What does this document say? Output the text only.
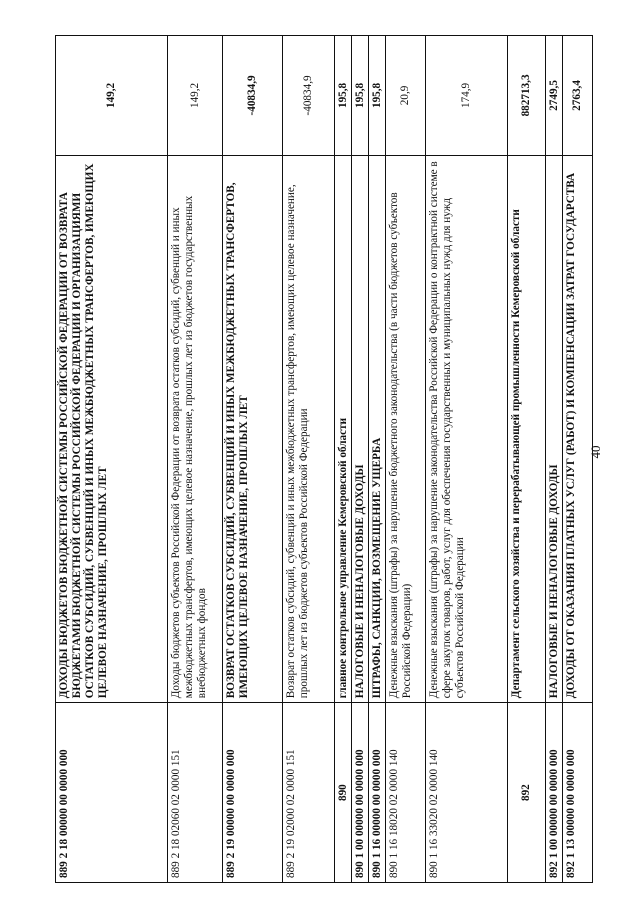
40
889 2 18 00000 00 0000 000
ДОХОДЫ БЮДЖЕТОВ БЮДЖЕТНОЙ СИСТЕМЫ РОССИЙСКОЙ ФЕДЕРАЦИИ ОТ ВОЗВРАТА БЮДЖЕТАМИ БЮДЖЕТНОЙ СИСТЕМЫ РОССИЙСКОЙ ФЕДЕРАЦИИ И ОРГАНИЗАЦИЯМИ ОСТАТКОВ СУБСИДИЙ, СУБВЕНЦИЙ И ИНЫХ МЕЖБЮДЖЕТНЫХ ТРАНСФЕРТОВ, ИМЕЮЩИХ ЦЕЛЕВОЕ НАЗНАЧЕНИЕ, ПРОШЛЫХ ЛЕТ
149,2
889 2 18 02060 02 0000 151
Доходы бюджетов субъектов Российской Федерации от возврата остатков субсидий, субвенций и иных межбюджетных трансфертов, имеющих целевое назначение, прошлых лет из бюджетов государственных внебюджетных фондов
149,2
889 2 19 00000 00 0000 000
ВОЗВРАТ ОСТАТКОВ СУБСИДИЙ, СУБВЕНЦИЙ И ИНЫХ МЕЖБЮДЖЕТНЫХ ТРАНСФЕРТОВ, ИМЕЮЩИХ ЦЕЛЕВОЕ НАЗНАЧЕНИЕ, ПРОШЛЫХ ЛЕТ
-40834,9
889 2 19 02000 02 0000 151
Возврат остатков субсидий, субвенций и иных межбюджетных трансфертов, имеющих целевое назначение, прошлых лет из бюджетов субъектов Российской Федерации
-40834,9
890
главное контрольное управление Кемеровской области
195,8
890 1 00 00000 00 0000 000
НАЛОГОВЫЕ И НЕНАЛОГОВЫЕ ДОХОДЫ
195,8
890 1 16 00000 00 0000 000
ШТРАФЫ, САНКЦИИ, ВОЗМЕЩЕНИЕ УЩЕРБА
195,8
890 1 16 18020 02 0000 140
Денежные взыскания (штрафы) за нарушение бюджетного законодательства (в части бюджетов субъектов Российской Федерации)
20,9
890 1 16 33020 02 0000 140
Денежные взыскания (штрафы) за нарушение законодательства Российской Федерации о контрактной системе в сфере закупок товаров, работ, услуг для обеспечения государственных и муниципальных нужд для нужд субъектов Российской Федерации
174,9
892
Департамент сельского хозяйства и перерабатывающей промышленности Кемеровской области
882713,3
892 1 00 00000 00 0000 000
НАЛОГОВЫЕ И НЕНАЛОГОВЫЕ ДОХОДЫ
2749,5
892 1 13 00000 00 0000 000
ДОХОДЫ ОТ ОКАЗАНИЯ ПЛАТНЫХ УСЛУГ (РАБОТ) И КОМПЕНСАЦИИ ЗАТРАТ ГОСУДАРСТВА
2763,4
